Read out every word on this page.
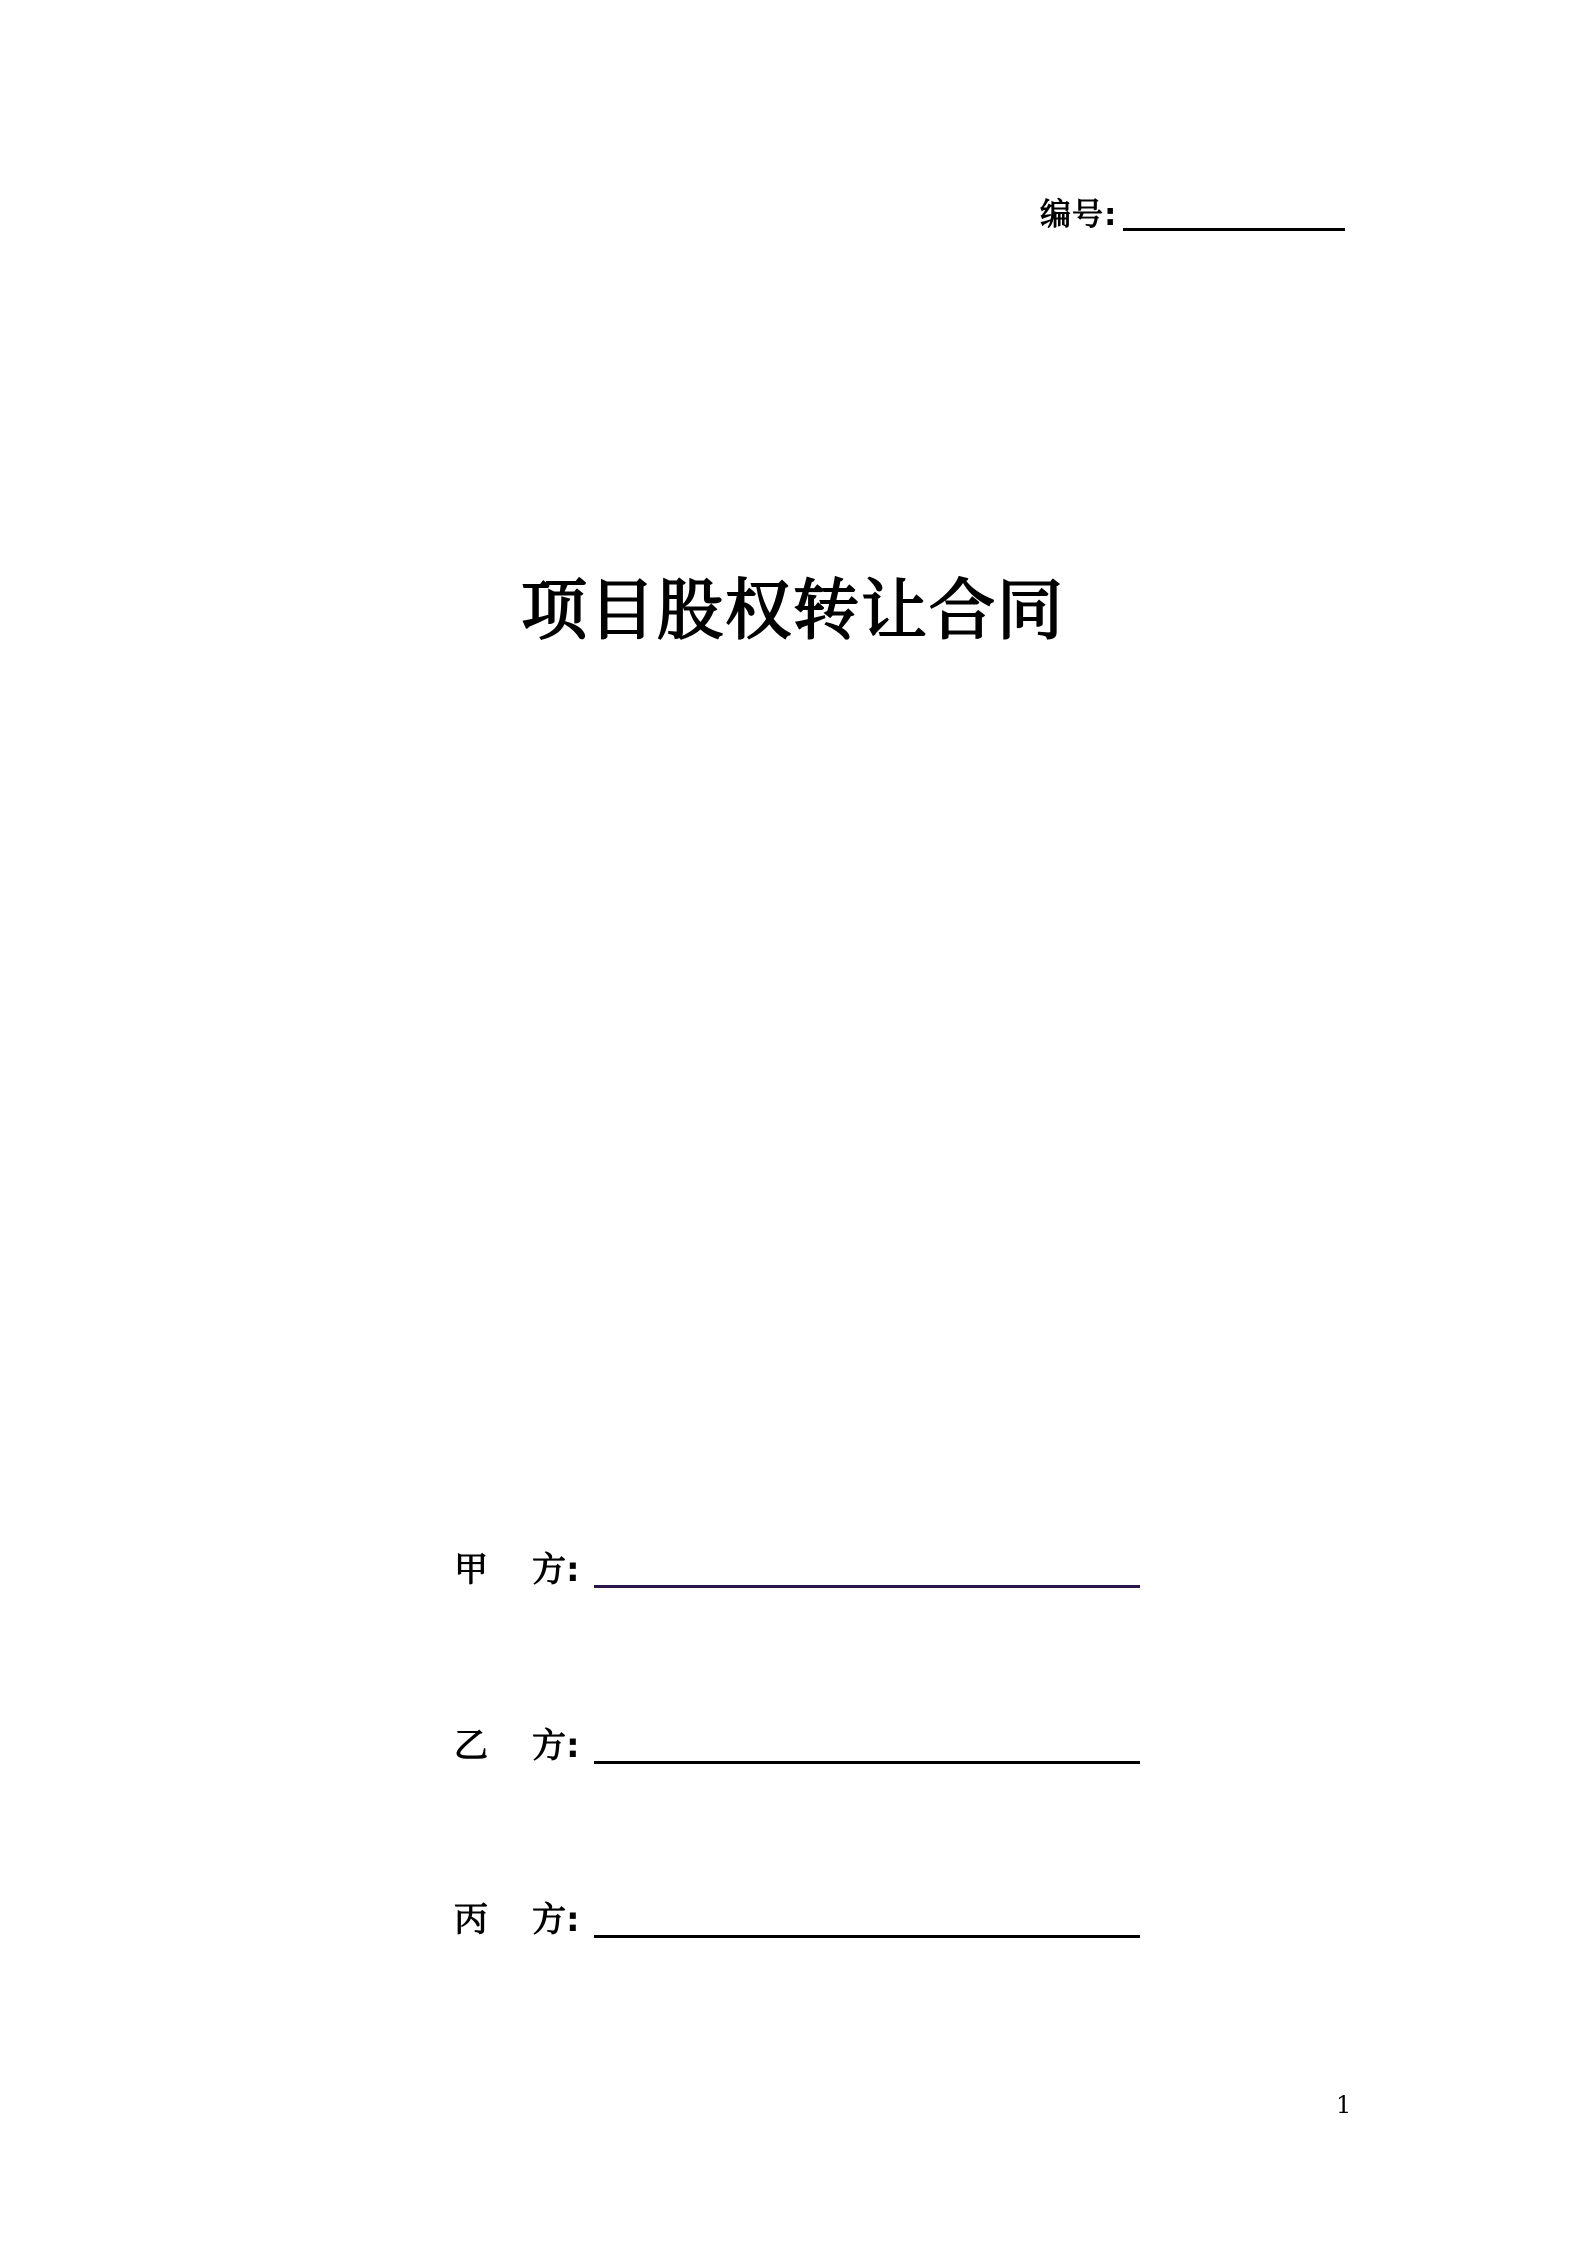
编号:
项目股权转让合同
甲	方:
乙	方:
丙	方:
1
